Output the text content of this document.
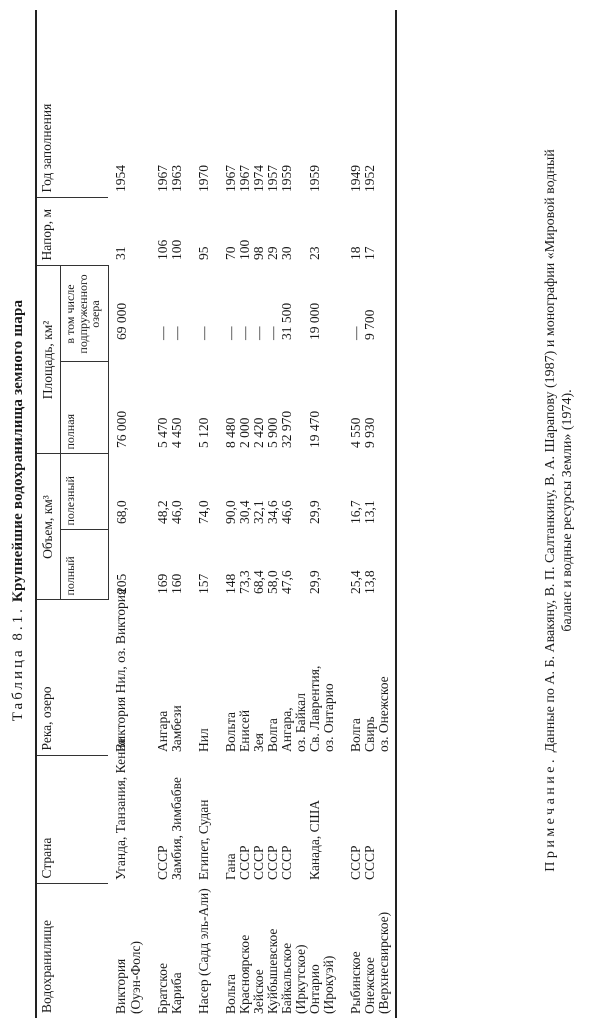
Таблица 8.1. Крупнейшие водохранилища земного шара
Водохранилище	Страна	Река, озеро	Объем, км³		Площадь, км²		Напор, м	Год заполнения
			полный	полезный	полная	в том числе подпруженного озера		
Виктория	Уганда, Танзания, Кения	Виктория Нил, оз. Виктория	205	68,0	76 000	69 000	31	1954
(Оуэн-Фолс)								
Братское	СССР	Ангара	169	48,2	5 470	—	106	1967
Кариба	Замбия, Зимбабве	Замбези	160	46,0	4 450	—	100	1963
Насер (Садд эль-Али)	Египет, Судан	Нил	157	74,0	5 120	—	95	1970
Вольта	Гана	Вольта	148	90,0	8 480	—	70	1967
Красноярское	СССР	Енисей	73,3	30,4	2 000	—	100	1967
Зейское	СССР	Зея	68,4	32,1	2 420	—	98	1974
Куйбышевское	СССР	Волга	58,0	34,6	5 900	—	29	1957
Байкальское	СССР	Ангара,	47,6	46,6	32 970	31 500	30	1959
(Иркутское)		оз. Байкал						
Онтарио	Канада, США	Св. Лаврентия,	29,9	29,9	19 470	19 000	23	1959
(Ирокуэй)		оз. Онтарио						
Рыбинское	СССР	Волга	25,4	16,7	4 550	—	18	1949
Онежское	СССР	Свирь	13,8	13,1	9 930	9 700	17	1952
(Верхнесвирское)		оз. Онежское						
Примечание. Данные по А. Б. Авакяну, В. П. Салтанкину, В. А. Шарапову (1987) и монографии «Мировой водный баланс и водные ресурсы Земли» (1974).
